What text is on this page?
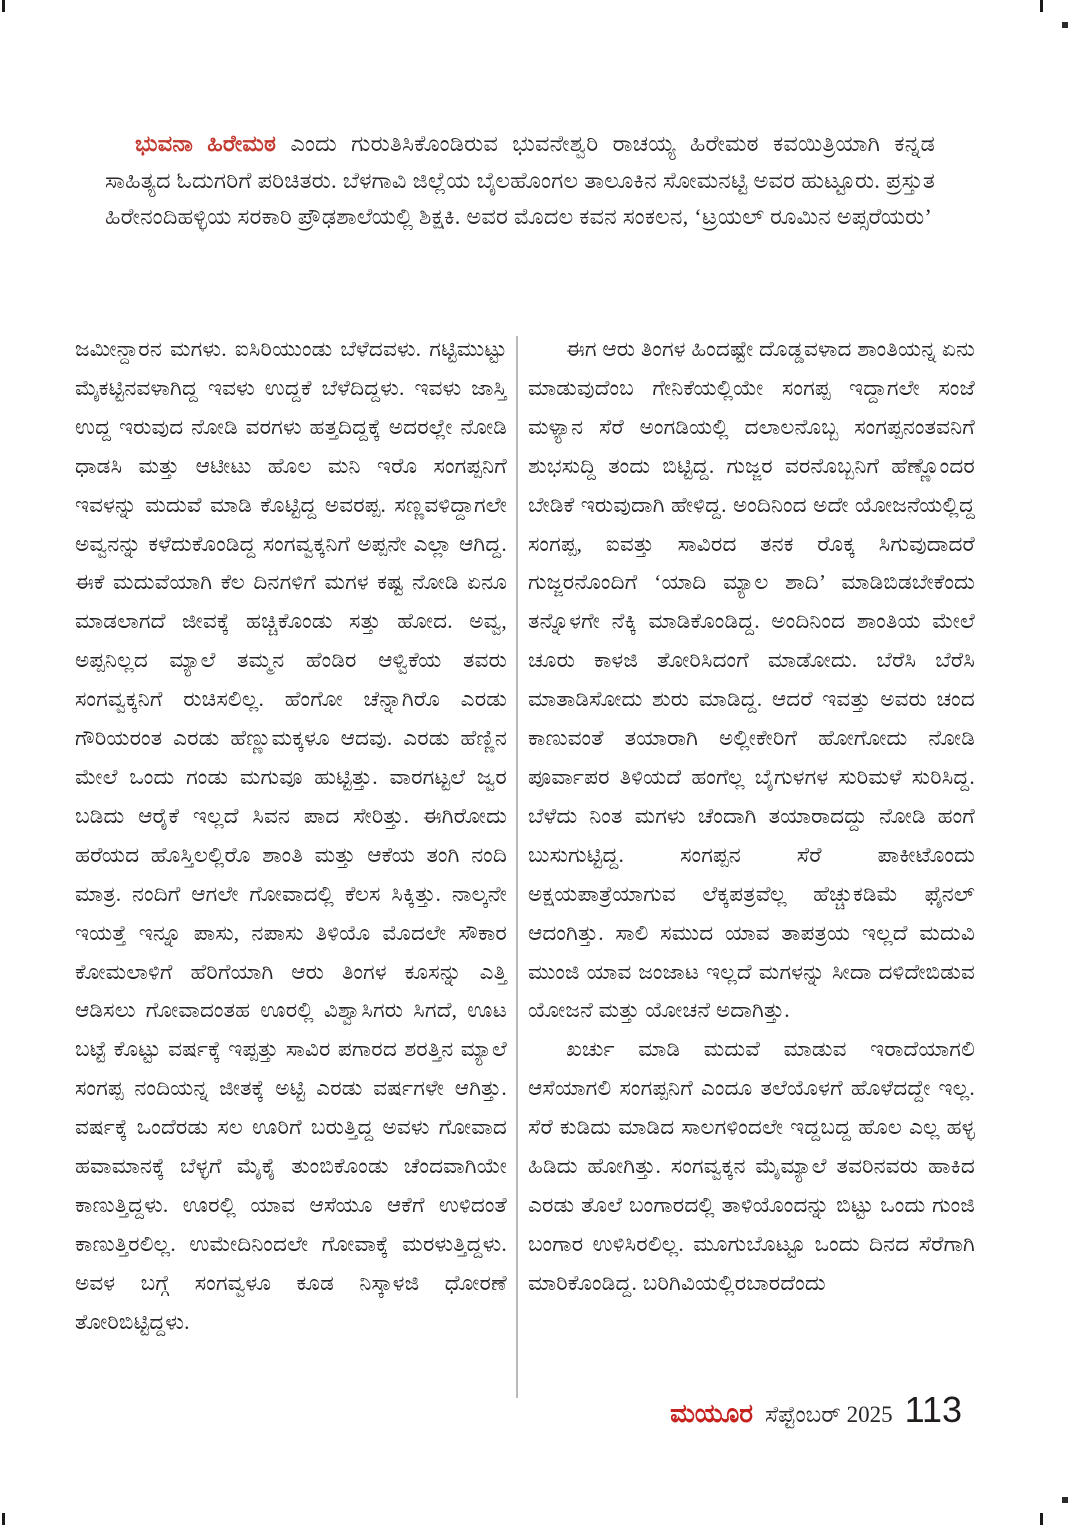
ಭುವನಾ ಹಿರೇಮಠ ಎಂದು ಗುರುತಿಸಿಕೊಂಡಿರುವ ಭುವನೇಶ್ವರಿ ರಾಚಯ್ಯ ಹಿರೇಮಠ ಕವಯಿತ್ರಿಯಾಗಿ ಕನ್ನಡ ಸಾಹಿತ್ಯದ ಓದುಗರಿಗೆ ಪರಿಚಿತರು. ಬೆಳಗಾವಿ ಜಿಲ್ಲೆಯ ಬೈಲಹೊಂಗಲ ತಾಲೂಕಿನ ಸೋಮನಟ್ಟಿ ಅವರ ಹುಟ್ಟೂರು. ಪ್ರಸ್ತುತ ಹಿರೇನಂದಿಹಳ್ಳಿಯ ಸರಕಾರಿ ಪ್ರೌಢಶಾಲೆಯಲ್ಲಿ ಶಿಕ್ಷಕಿ. ಅವರ ಮೊದಲ ಕವನ ಸಂಕಲನ, ‘ಟ್ರಯಲ್ ರೂಮಿನ ಅಪ್ಸರೆಯರು’

ಜಮೀನ್ದಾರನ ಮಗಳು. ಐಸಿರಿಯುಂಡು ಬೆಳೆದವಳು. ಗಟ್ಟಿಮುಟ್ಟು ಮೈಕಟ್ಟಿನವಳಾಗಿದ್ದ ಇವಳು ಉದ್ದಕೆ ಬೆಳೆದಿದ್ದಳು. ಇವಳು ಜಾಸ್ತಿ ಉದ್ದ ಇರುವುದ ನೋಡಿ ವರಗಳು ಹತ್ತದಿದ್ದಕ್ಕೆ ಅದರಲ್ಲೇ ನೋಡಿ ಧಾಡಸಿ ಮತ್ತು ಆಟೀಟು ಹೊಲ ಮನಿ ಇರೊ ಸಂಗಪ್ಪನಿಗೆ ಇವಳನ್ನು ಮದುವೆ ಮಾಡಿ ಕೊಟ್ಟಿದ್ದ ಅವರಪ್ಪ. ಸಣ್ಣವಳಿದ್ದಾಗಲೇ ಅವ್ವನನ್ನು ಕಳೆದುಕೊಂಡಿದ್ದ ಸಂಗವ್ವಕ್ಕನಿಗೆ ಅಪ್ಪನೇ ಎಲ್ಲಾ ಆಗಿದ್ದ. ಈಕೆ ಮದುವೆಯಾಗಿ ಕೆಲ ದಿನಗಳಿಗೆ ಮಗಳ ಕಷ್ಟ ನೋಡಿ ಏನೂ ಮಾಡಲಾಗದೆ ಜೀವಕ್ಕೆ ಹಚ್ಚಿಕೊಂಡು ಸತ್ತು ಹೋದ. ಅವ್ವ, ಅಪ್ಪನಿಲ್ಲದ ಮ್ಯಾಲೆ ತಮ್ಮನ ಹೆಂಡಿರ ಆಳ್ವಿಕೆಯ ತವರು ಸಂಗವ್ವಕ್ಕನಿಗೆ ರುಚಿಸಲಿಲ್ಲ. ಹೆಂಗೋ ಚೆನ್ನಾಗಿರೊ ಎರಡು ಗೌರಿಯರಂತ ಎರಡು ಹೆಣ್ಣುಮಕ್ಕಳೂ ಆದವು. ಎರಡು ಹೆಣ್ಣಿನ ಮೇಲೆ ಒಂದು ಗಂಡು ಮಗುವೂ ಹುಟ್ಟಿತ್ತು. ವಾರಗಟ್ಟಲೆ ಜ್ವರ ಬಡಿದು ಆರೈಕೆ ಇಲ್ಲದೆ ಸಿವನ ಪಾದ ಸೇರಿತ್ತು. ಈಗಿರೋದು ಹರೆಯದ ಹೊಸ್ತಿಲಲ್ಲಿರೊ ಶಾಂತಿ ಮತ್ತು ಆಕೆಯ ತಂಗಿ ನಂದಿ ಮಾತ್ರ. ನಂದಿಗೆ ಆಗಲೇ ಗೋವಾದಲ್ಲಿ ಕೆಲಸ ಸಿಕ್ಕಿತ್ತು. ನಾಲ್ಕನೇ ಇಯತ್ತೆ ಇನ್ನೂ ಪಾಸು, ನಪಾಸು ತಿಳಿಯೊ ಮೊದಲೇ ಸೌಕಾರ ಕೋಮಲಾಳಿಗೆ ಹೆರಿಗೆಯಾಗಿ ಆರು ತಿಂಗಳ ಕೂಸನ್ನು ಎತ್ತಿ ಆಡಿಸಲು ಗೋವಾದಂತಹ ಊರಲ್ಲಿ ವಿಶ್ವಾಸಿಗರು ಸಿಗದೆ, ಊಟ ಬಟ್ಟೆ ಕೊಟ್ಟು ವರ್ಷಕ್ಕೆ ಇಪ್ಪತ್ತು ಸಾವಿರ ಪಗಾರದ ಶರತ್ತಿನ ಮ್ಯಾಲೆ ಸಂಗಪ್ಪ ನಂದಿಯನ್ನ ಜೀತಕ್ಕೆ ಅಟ್ಟಿ ಎರಡು ವರ್ಷಗಳೇ ಆಗಿತ್ತು. ವರ್ಷಕ್ಕೆ ಒಂದೆರಡು ಸಲ ಊರಿಗೆ ಬರುತ್ತಿದ್ದ ಅವಳು ಗೋವಾದ ಹವಾಮಾನಕ್ಕೆ ಬೆಳ್ಳಗೆ ಮೈಕೈ ತುಂಬಿಕೊಂಡು ಚೆಂದವಾಗಿಯೇ ಕಾಣುತ್ತಿದ್ದಳು. ಊರಲ್ಲಿ ಯಾವ ಆಸೆಯೂ ಆಕೆಗೆ ಉಳಿದಂತೆ ಕಾಣುತ್ತಿರಲಿಲ್ಲ. ಉಮೇದಿನಿಂದಲೇ ಗೋವಾಕ್ಕೆ ಮರಳುತ್ತಿದ್ದಳು. ಅವಳ ಬಗ್ಗೆ ಸಂಗವ್ವಳೂ ಕೂಡ ನಿಸ್ಕಾಳಜಿ ಧೋರಣೆ ತೋರಿಬಿಟ್ಟಿದ್ದಳು.

ಈಗ ಆರು ತಿಂಗಳ ಹಿಂದಷ್ಟೇ ದೊಡ್ಡವಳಾದ ಶಾಂತಿಯನ್ನ ಏನು ಮಾಡುವುದೆಂಬ ಗೇನಿಕೆಯಲ್ಲಿಯೇ ಸಂಗಪ್ಪ ಇದ್ದಾಗಲೇ ಸಂಜೆ ಮಳ್ಯಾನ ಸೆರೆ ಅಂಗಡಿಯಲ್ಲಿ ದಲಾಲನೊಬ್ಬ ಸಂಗಪ್ಪನಂತವನಿಗೆ ಶುಭಸುದ್ದಿ ತಂದು ಬಿಟ್ಟಿದ್ದ. ಗುಜ್ಜರ ವರನೊಬ್ಬನಿಗೆ ಹೆಣ್ಣೊಂದರ ಬೇಡಿಕೆ ಇರುವುದಾಗಿ ಹೇಳಿದ್ದ. ಅಂದಿನಿಂದ ಅದೇ ಯೋಜನೆಯಲ್ಲಿದ್ದ ಸಂಗಪ್ಪ, ಐವತ್ತು ಸಾವಿರದ ತನಕ ರೊಕ್ಕ ಸಿಗುವುದಾದರೆ ಗುಜ್ಜರನೊಂದಿಗೆ ‘ಯಾದಿ ಮ್ಯಾಲ ಶಾದಿ’ ಮಾಡಿಬಿಡಬೇಕೆಂದು ತನ್ನೊಳಗೇ ನೆಕ್ಕಿ ಮಾಡಿಕೊಂಡಿದ್ದ. ಅಂದಿನಿಂದ ಶಾಂತಿಯ ಮೇಲೆ ಚೂರು ಕಾಳಜಿ ತೋರಿಸಿದಂಗೆ ಮಾಡೋದು. ಬೆರೆಸಿ ಬೆರೆಸಿ ಮಾತಾಡಿಸೋದು ಶುರು ಮಾಡಿದ್ದ. ಆದರೆ ಇವತ್ತು ಅವರು ಚಂದ ಕಾಣುವಂತೆ ತಯಾರಾಗಿ ಅಲ್ಲೀಕೇರಿಗೆ ಹೋಗೋದು ನೋಡಿ ಪೂರ್ವಾಪರ ತಿಳಿಯದೆ ಹಂಗೆಲ್ಲ ಬೈಗುಳಗಳ ಸುರಿಮಳೆ ಸುರಿಸಿದ್ದ. ಬೆಳೆದು ನಿಂತ ಮಗಳು ಚೆಂದಾಗಿ ತಯಾರಾದದ್ದು ನೋಡಿ ಹಂಗೆ ಬುಸುಗುಟ್ಟಿದ್ದ. ಸಂಗಪ್ಪನ ಸೆರೆ ಪಾಕೀಟೊಂದು ಅಕ್ಷಯಪಾತ್ರೆಯಾಗುವ ಲೆಕ್ಕಪತ್ರವೆಲ್ಲ ಹೆಚ್ಚುಕಡಿಮೆ ಫೈನಲ್ ಆದಂಗಿತ್ತು. ಸಾಲಿ ಸಮುದ ಯಾವ ತಾಪತ್ರಯ ಇಲ್ಲದೆ ಮದುವಿ ಮುಂಜಿ ಯಾವ ಜಂಜಾಟ ಇಲ್ಲದೆ ಮಗಳನ್ನು ಸೀದಾ ದಳಿದೇಬಿಡುವ ಯೋಜನೆ ಮತ್ತು ಯೋಚನೆ ಅದಾಗಿತ್ತು.

ಖರ್ಚು ಮಾಡಿ ಮದುವೆ ಮಾಡುವ ಇರಾದೆಯಾಗಲಿ ಆಸೆಯಾಗಲಿ ಸಂಗಪ್ಪನಿಗೆ ಎಂದೂ ತಲೆಯೊಳಗೆ ಹೊಳೆದದ್ದೇ ಇಲ್ಲ. ಸೆರೆ ಕುಡಿದು ಮಾಡಿದ ಸಾಲಗಳಿಂದಲೇ ಇದ್ದಬದ್ದ ಹೊಲ ಎಲ್ಲ ಹಳ್ಳ ಹಿಡಿದು ಹೋಗಿತ್ತು. ಸಂಗವ್ವಕ್ಕನ ಮೈಮ್ಯಾಲೆ ತವರಿನವರು ಹಾಕಿದ ಎರಡು ತೊಲೆ ಬಂಗಾರದಲ್ಲಿ ತಾಳಿಯೊಂದನ್ನು ಬಿಟ್ಟು ಒಂದು ಗುಂಜಿ ಬಂಗಾರ ಉಳಿಸಿರಲಿಲ್ಲ. ಮೂಗುಬೊಟ್ಟೂ ಒಂದು ದಿನದ ಸೆರೆಗಾಗಿ ಮಾರಿಕೊಂಡಿದ್ದ. ಬರಿಗಿವಿಯಲ್ಲಿರಬಾರದೆಂದು

ಮಯೂರ ಸೆಪ್ಟೆಂಬರ್ 2025 113
